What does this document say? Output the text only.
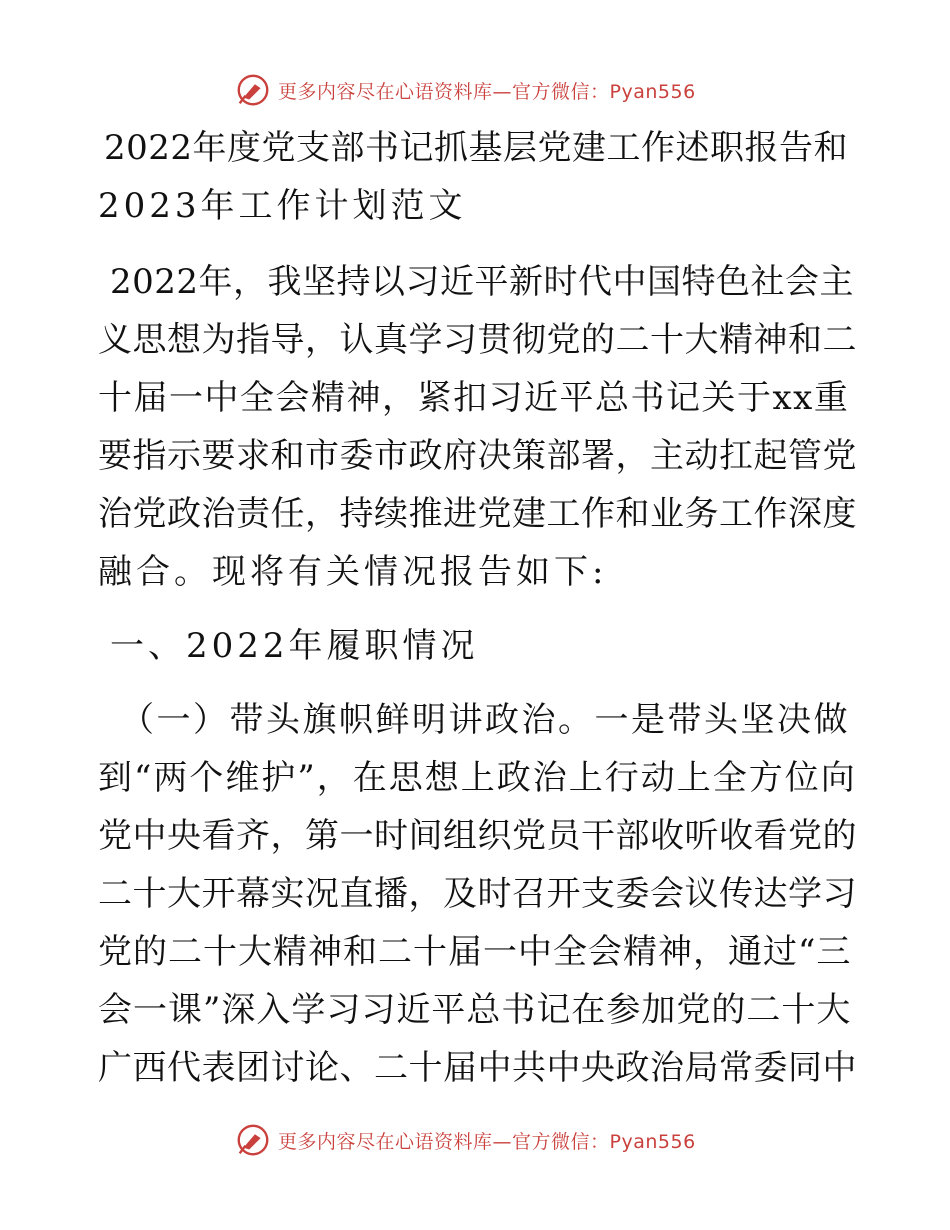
更多内容尽在心语资料库—官方微信：Pyan556
2022年度党支部书记抓基层党建工作述职报告和
2023年工作计划范文
2022年，我坚持以习近平新时代中国特色社会主
义思想为指导，认真学习贯彻党的二十大精神和二
十届一中全会精神，紧扣习近平总书记关于xx重
要指示要求和市委市政府决策部署，主动扛起管党
治党政治责任，持续推进党建工作和业务工作深度
融合。现将有关情况报告如下:
一、2022年履职情况
（一）带头旗帜鲜明讲政治。一是带头坚决做
到“两个维护”，在思想上政治上行动上全方位向
党中央看齐，第一时间组织党员干部收听收看党的
二十大开幕实况直播，及时召开支委会议传达学习
党的二十大精神和二十届一中全会精神，通过“三
会一课”深入学习习近平总书记在参加党的二十大
广西代表团讨论、二十届中共中央政治局常委同中
更多内容尽在心语资料库—官方微信：Pyan556
